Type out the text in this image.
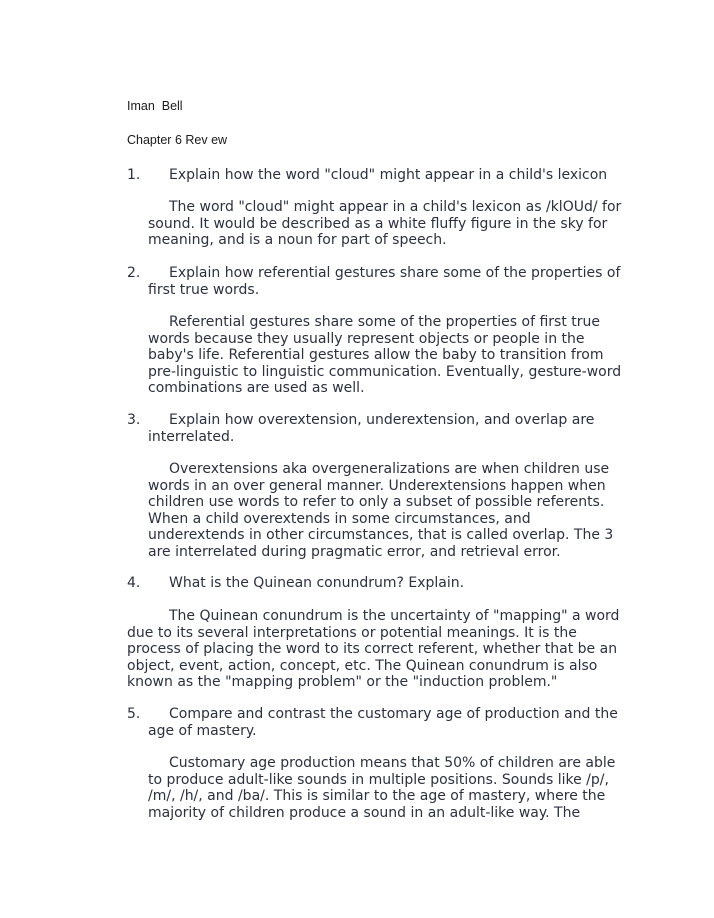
Iman  Bell
Chapter 6 Rev ew
1.	Explain how the word "cloud" might appear in a child's lexicon
The word "cloud" might appear in a child's lexicon as /klOUd/ for sound. It would be described as a white fluffy figure in the sky for meaning, and is a noun for part of speech.
2.	Explain how referential gestures share some of the properties of first true words.
Referential gestures share some of the properties of first true words because they usually represent objects or people in the baby's life. Referential gestures allow the baby to transition from pre-linguistic to linguistic communication. Eventually, gesture-word combinations are used as well.
3.	Explain how overextension, underextension, and overlap are interrelated.
Overextensions aka overgeneralizations are when children use words in an over general manner. Underextensions happen when children use words to refer to only a subset of possible referents. When a child overextends in some circumstances, and underextends in other circumstances, that is called overlap. The 3 are interrelated during pragmatic error, and retrieval error.
4.	What is the Quinean conundrum? Explain.
The Quinean conundrum is the uncertainty of "mapping" a word due to its several interpretations or potential meanings. It is the process of placing the word to its correct referent, whether that be an object, event, action, concept, etc. The Quinean conundrum is also known as the "mapping problem" or the "induction problem."
5.	Compare and contrast the customary age of production and the age of mastery.
Customary age production means that 50% of children are able to produce adult-like sounds in multiple positions. Sounds like /p/, /m/, /h/, and /ba/. This is similar to the age of mastery, where the majority of children produce a sound in an adult-like way. The
